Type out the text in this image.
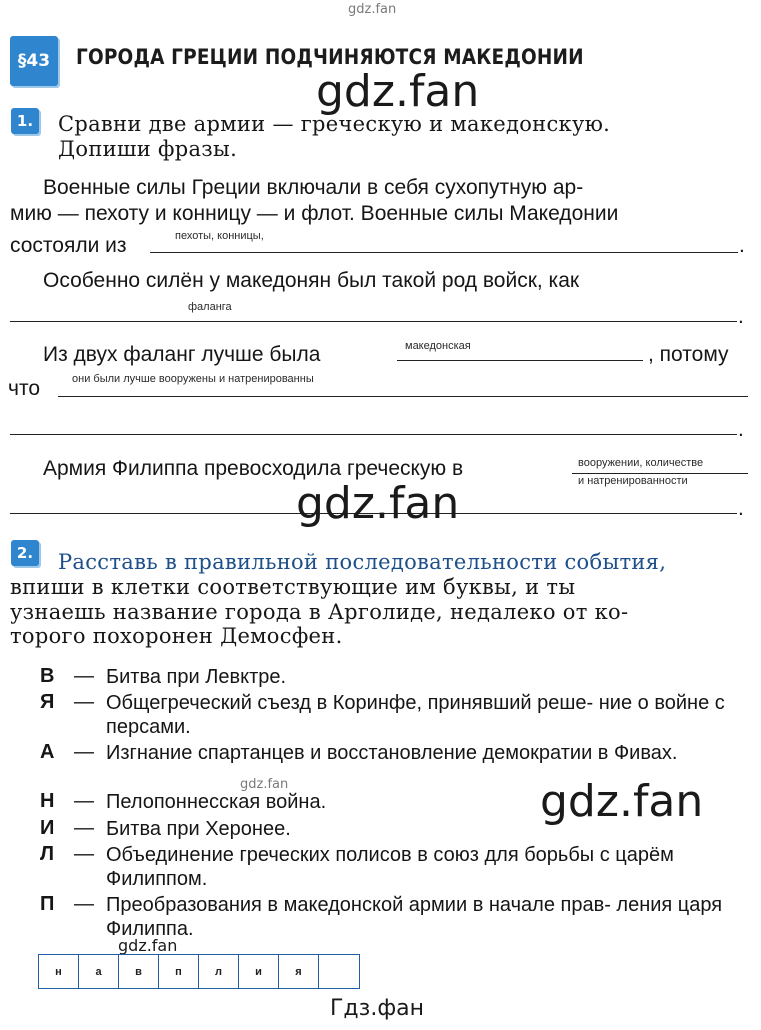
gdz.fan
gdz.fan
§43	ГОРОДА ГРЕЦИИ ПОДЧИНЯЮТСЯ МАКЕДОНИИ
1. Сравни две армии — греческую и македонскую.
Допиши фразы.
Военные силы Греции включали в себя сухопутную ар-
мию — пехоту и конницу — и флот. Военные силы Македонии
состояли из	пехоты, конницы,	.
Особенно силён у македонян был такой род войск, как
фаланга	.
Из двух фаланг лучше была	македонская	, потому
что	они были лучше вооружены и натренированны
.
Армия Филиппа превосходила греческую в	вооружении, количестве
и натренированности
.
gdz.fan
2. Расставь в правильной последовательности события,
впиши в клетки соответствующие им буквы, и ты
узнаешь название города в Арголиде, недалеко от ко-
торого похоронен Демосфен.
В — Битва при Левктре.
Я — Общегреческий съезд в Коринфе, принявший реше- ние о войне с персами.
А — Изгнание спартанцев и восстановление демократии в Фивах.
Н — Пелопоннесская война.
И — Битва при Херонее.
Л — Объединение греческих полисов в союз для борьбы с царём Филиппом.
П — Преобразования в македонской армии в начале прав- ления царя Филиппа.
gdz.fan	gdz.fan
gdz.fan
н	а	в	п	л	и	я
Гдз.фан
